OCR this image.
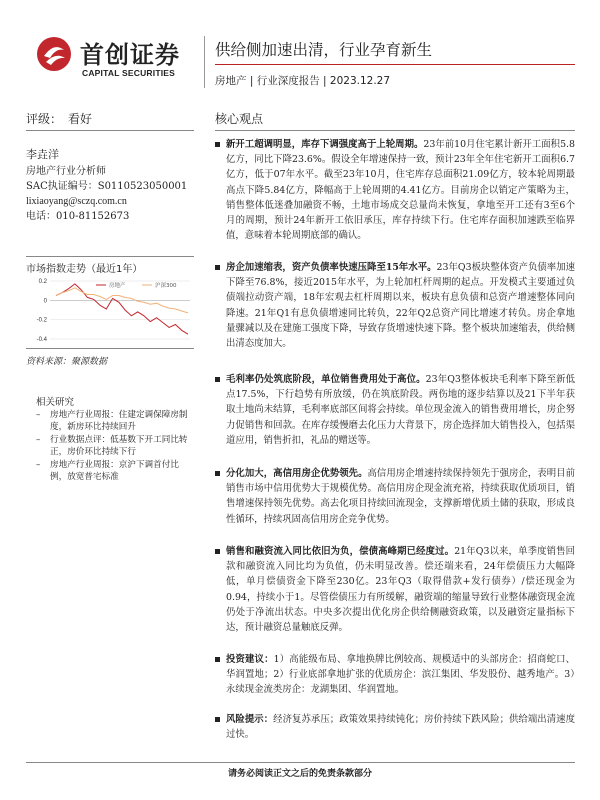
首创证券
CAPITAL SECURITIES
供给侧加速出清，行业孕育新生
房地产 | 行业深度报告 | 2023.12.27
评级： 看好
李垚洋
房地产行业分析师
SAC执证编号：S0110523050001
lixiaoyang@sczq.com.cn
电话：010-81152673
市场指数走势（最近1年）
0.2
0
-0.2
-0.4
房地产	沪深300
资料来源：聚源数据
相关研究
–	房地产行业周报：住建定调保障房制度，新房环比持续回升
–	行业数据点评：低基数下开工同比转正，房价环比持续下行
–	房地产行业周报：京沪下调首付比例，放宽普宅标准
核心观点
新开工超调明显，库存下调强度高于上轮周期。23年前10月住宅累计新开工面积5.8亿方，同比下降23.6%。假设全年增速保持一致，预计23年全年住宅新开工面积6.7亿方，低于07年水平。截至23年10月，住宅库存总面积21.09亿方，较本轮周期最高点下降5.84亿方，降幅高于上轮周期的4.41亿方。目前房企以销定产策略为主，销售整体低迷叠加融资不畅，土地市场成交总量尚未恢复，拿地至开工还有3至6个月的周期，预计24年新开工依旧承压，库存持续下行。住宅库存面积加速跌至临界值，意味着本轮周期底部的确认。
房企加速缩表，资产负债率快速压降至15年水平。23年Q3板块整体资产负债率加速下降至76.8%，接近2015年水平，为上轮加杠杆周期的起点。开发模式主要通过负债端拉动资产端，18年宏观去杠杆周期以来，板块有息负债和总资产增速整体同向降速。21年Q1有息负债增速同比转负，22年Q2总资产同比增速才转负。房企拿地量骤减以及在建施工强度下降，导致存货增速快速下降。整个板块加速缩表，供给侧出清态度加大。
毛利率仍处筑底阶段，单位销售费用处于高位。23年Q3整体板块毛利率下降至新低点17.5%，下行趋势有所放缓，仍在筑底阶段。两伤地的逐步结算以及21下半年获取土地尚未结算，毛利率底部区间将会持续。单位现金流入的销售费用增长，房企努力促销售和回款。在库存缓慢磨去化压力大背景下，房企选择加大销售投入，包括渠道应用，销售折扣，礼品的赠送等。
分化加大，高信用房企优势领先。高信用房企增速持续保持领先于强房企，表明目前销售市场中信用优势大于规模优势。高信用房企现金流充裕，持续获取优质项目，销售增速保持领先优势。高去化项目持续回流现金，支撑新增优质土储的获取，形成良性循环，持续巩固高信用房企竞争优势。
销售和融资流入同比依旧为负，偿债高峰期已经度过。21年Q3以来，单季度销售回款和融资流入同比均为负值，仍未明显改善。偿还端来看，24年偿债压力大幅降低，单月偿债资金下降至230亿。23年Q3（取得借款+发行债券）/偿还现金为0.94，持续小于1。尽管偿债压力有所缓解，融资端的缩量导致行业整体融资现金流仍处于净流出状态。中央多次提出优化房企供给侧融资政策，以及融资定量指标下达，预计融资总量触底反弹。
投资建议：1）高能级布局、拿地换牌比例较高、规模适中的头部房企：招商蛇口、华润置地；2）行业底部拿地扩张的优质房企：滨江集团、华发股份、越秀地产。3）永续现金流类房企：龙湖集团、华润置地。
风险提示：经济复苏承压；政策效果持续钝化；房价持续下跌风险；供给端出清速度过快。
请务必阅读正文之后的免责条款部分
